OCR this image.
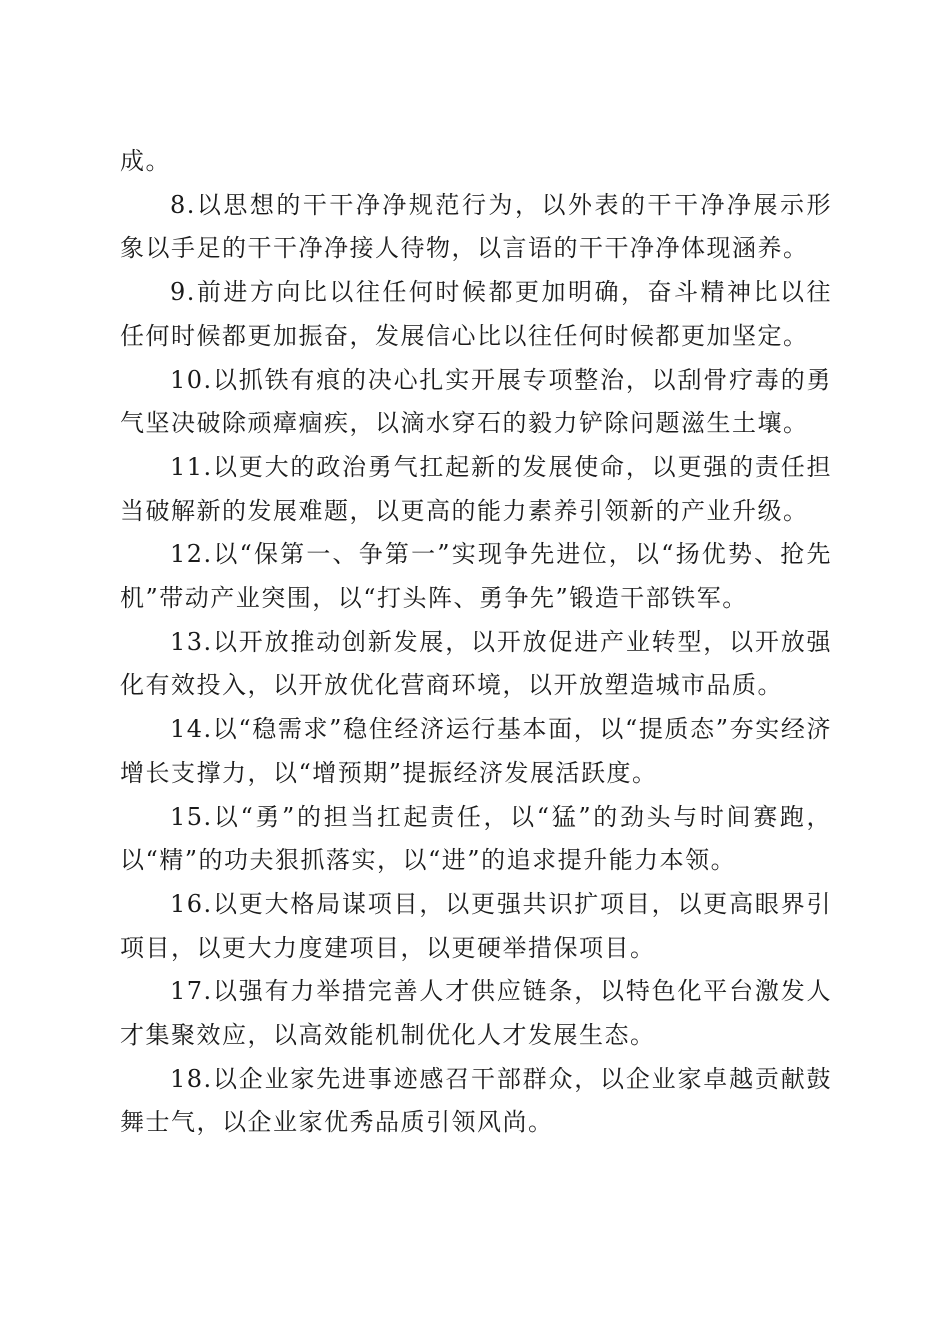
成。

8.以思想的干干净净规范行为，以外表的干干净净展示形象以手足的干干净净接人待物，以言语的干干净净体现涵养。

9.前进方向比以往任何时候都更加明确，奋斗精神比以往任何时候都更加振奋，发展信心比以往任何时候都更加坚定。

10.以抓铁有痕的决心扎实开展专项整治，以刮骨疗毒的勇气坚决破除顽瘴痼疾，以滴水穿石的毅力铲除问题滋生土壤。

11.以更大的政治勇气扛起新的发展使命，以更强的责任担当破解新的发展难题，以更高的能力素养引领新的产业升级。

12.以“保第一、争第一”实现争先进位，以“扬优势、抢先机”带动产业突围，以“打头阵、勇争先”锻造干部铁军。

13.以开放推动创新发展，以开放促进产业转型，以开放强化有效投入，以开放优化营商环境，以开放塑造城市品质。

14.以“稳需求”稳住经济运行基本面，以“提质态”夯实经济增长支撑力，以“增预期”提振经济发展活跃度。

15.以“勇”的担当扛起责任，以“猛”的劲头与时间赛跑，以“精”的功夫狠抓落实，以“进”的追求提升能力本领。

16.以更大格局谋项目，以更强共识扩项目，以更高眼界引项目，以更大力度建项目，以更硬举措保项目。

17.以强有力举措完善人才供应链条，以特色化平台激发人才集聚效应，以高效能机制优化人才发展生态。

18.以企业家先进事迹感召干部群众，以企业家卓越贡献鼓舞士气，以企业家优秀品质引领风尚。
